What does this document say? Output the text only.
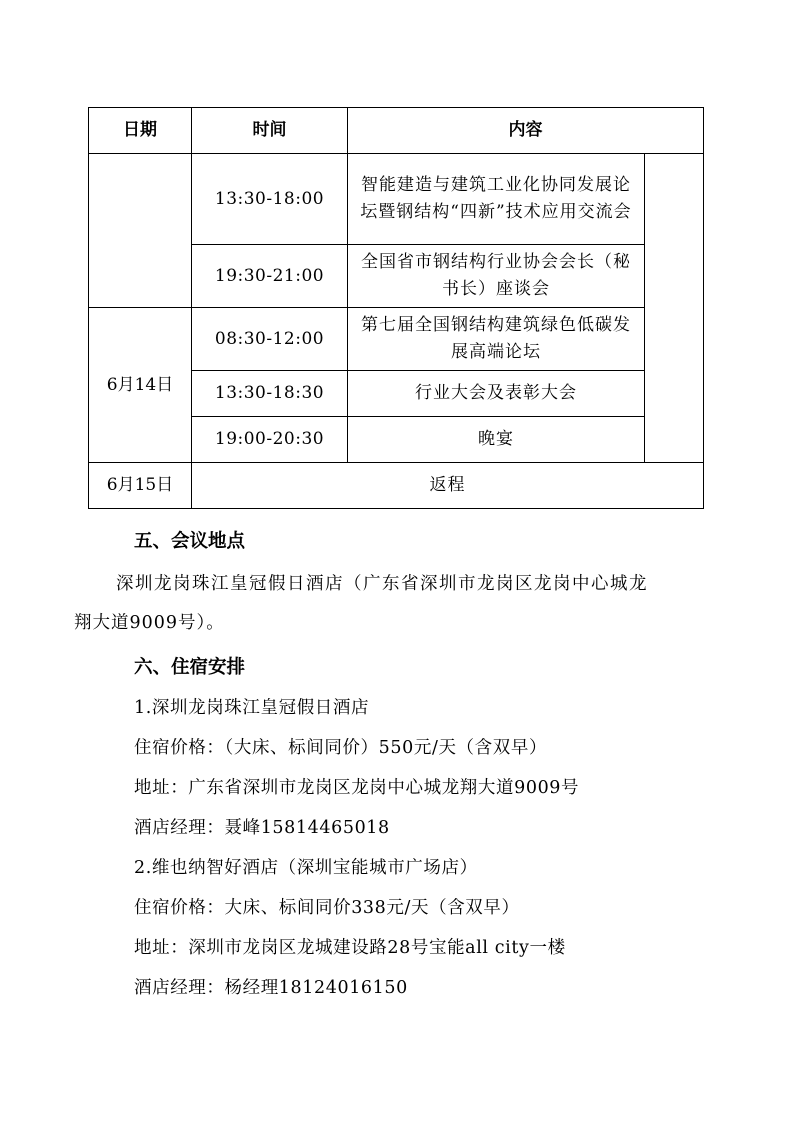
日期	时间	内容	
	13:30-18:00	智能建造与建筑工业化协同发展论坛暨钢结构“四新”技术应用交流会	
	19:30-21:00	全国省市钢结构行业协会会长（秘书长）座谈会	
6月14日	08:30-12:00	第七届全国钢结构建筑绿色低碳发展高端论坛	
	13:30-18:30	行业大会及表彰大会	
	19:00-20:30	晚宴	
6月15日	返程		
五、会议地点
深圳龙岗珠江皇冠假日酒店（广东省深圳市龙岗区龙岗中心城龙
翔大道9009号）。
六、住宿安排
1.深圳龙岗珠江皇冠假日酒店
住宿价格：（大床、标间同价）550元/天（含双早）
地址：广东省深圳市龙岗区龙岗中心城龙翔大道9009号
酒店经理：聂峰15814465018
2.维也纳智好酒店（深圳宝能城市广场店）
住宿价格：大床、标间同价338元/天（含双早）
地址：深圳市龙岗区龙城建设路28号宝能all city一楼
酒店经理：杨经理18124016150
